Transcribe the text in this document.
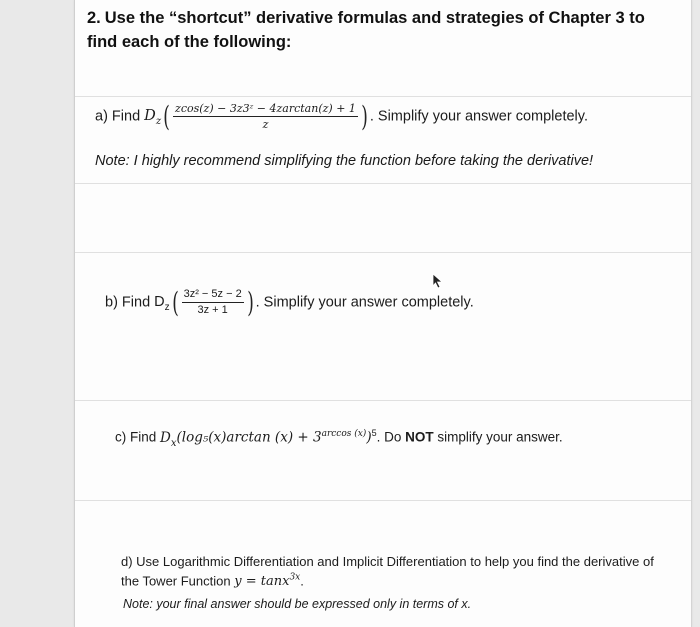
2. Use the “shortcut” derivative formulas and strategies of Chapter 3 to find each of the following:
a) Find $D_z( \frac{\text{zcos(z) − 3z3ᶻ − 4zarctan(z) + 1}}{z}$ ) . Simplify your answer completely.
Note: I highly recommend simplifying the function before taking the derivative!
b) Find $D_z( \frac{\text{3z² − 5z − 2}}{3z + 1}$ ) . Simplify your answer completely.
c) Find $D_x(\log_5(x)\arctan$ $(x) + 3^{arccos (x)})^5$. Do NOT simplify your answer.
d) Use Logarithmic Differentiation and Implicit Differentiation to help you find the derivative of the Tower Function y = tanx$^{3x}$.
Note: your final answer should be expressed only in terms of x.
